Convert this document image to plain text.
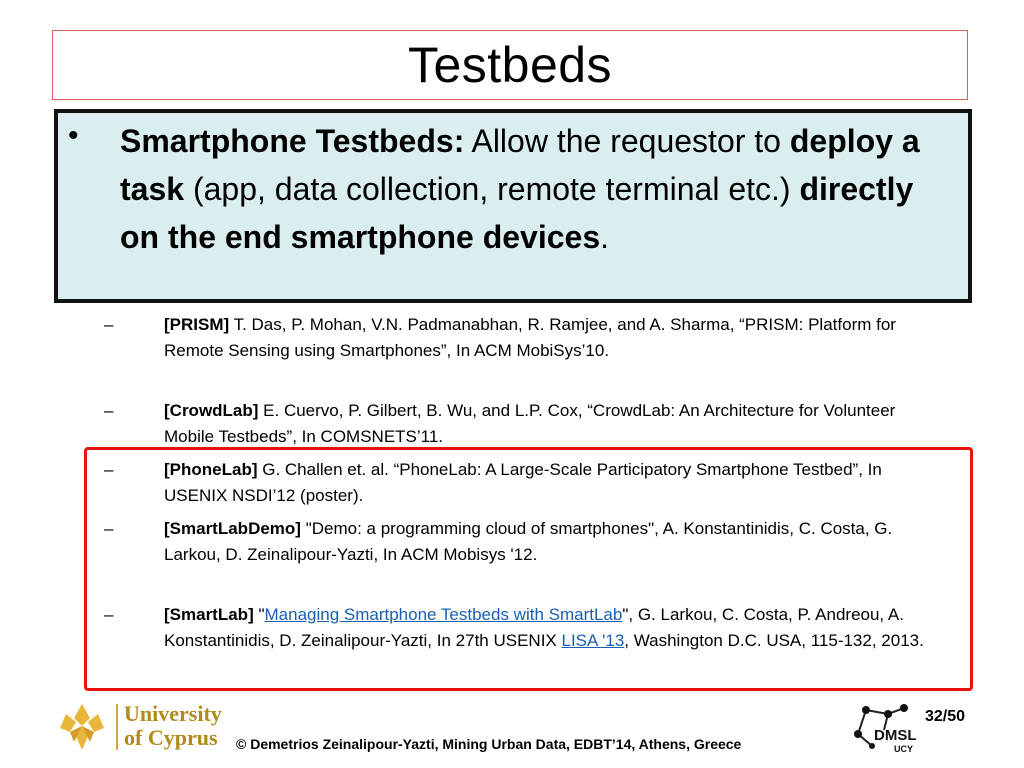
Testbeds
• Smartphone Testbeds: Allow the requestor to deploy a task (app, data collection, remote terminal etc.) directly on the end smartphone devices.
–	[PRISM] T. Das, P. Mohan, V.N. Padmanabhan, R. Ramjee, and A. Sharma, “PRISM: Platform for Remote Sensing using Smartphones”, In ACM MobiSys’10.
–	[CrowdLab] E. Cuervo, P. Gilbert, B. Wu, and L.P. Cox, “CrowdLab: An Architecture for Volunteer Mobile Testbeds”, In COMSNETS’11.
–	[PhoneLab] G. Challen et. al. “PhoneLab: A Large-Scale Participatory Smartphone Testbed”, In USENIX NSDI’12 (poster).
–	[SmartLabDemo] "Demo: a programming cloud of smartphones", A. Konstantinidis, C. Costa, G. Larkou, D. Zeinalipour-Yazti, In ACM Mobisys '12.
–	[SmartLab] "Managing Smartphone Testbeds with SmartLab", G. Larkou, C. Costa, P. Andreou, A. Konstantinidis, D. Zeinalipour-Yazti, In 27th USENIX LISA '13, Washington D.C. USA, 115-132, 2013.
University
of Cyprus	© Demetrios Zeinalipour-Yazti, Mining Urban Data, EDBT’14, Athens, Greece	DMSL
UCY
32/50
